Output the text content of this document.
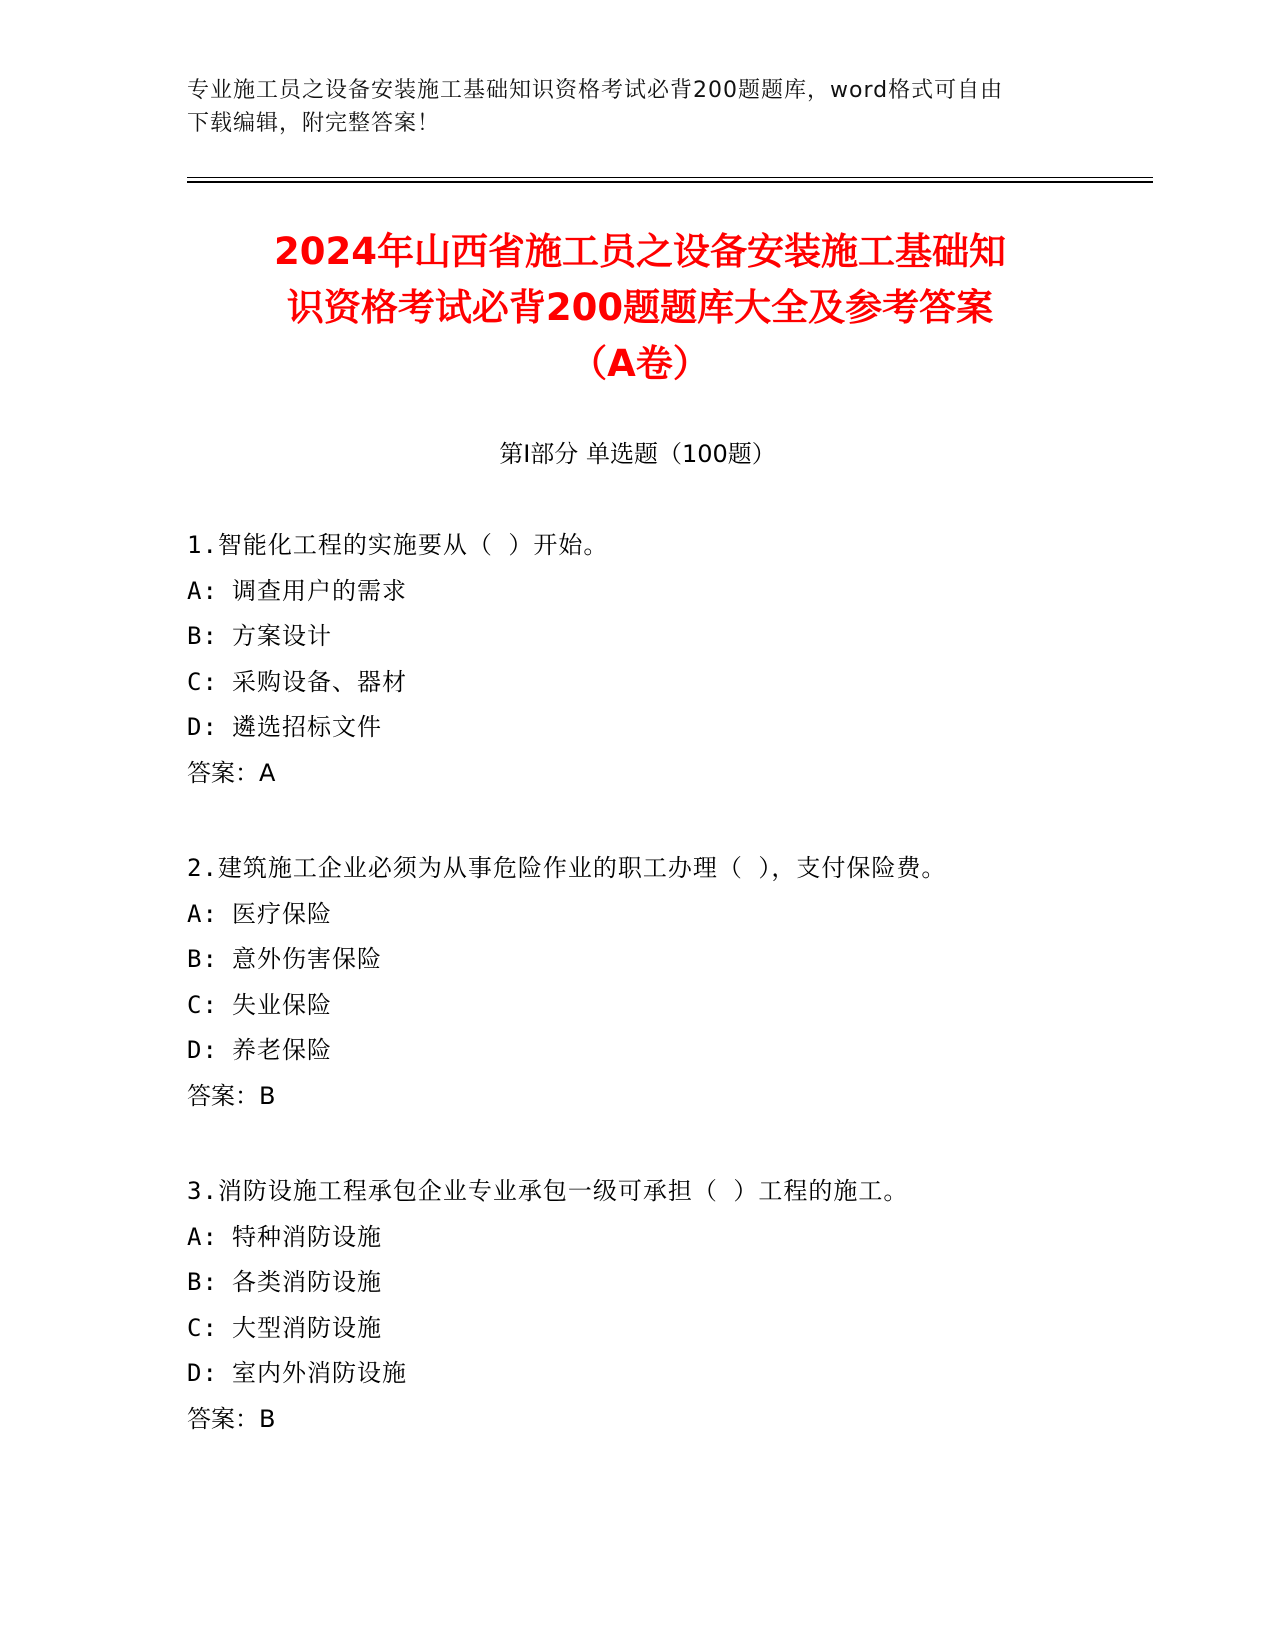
专业施工员之设备安装施工基础知识资格考试必背200题题库，word格式可自由
下载编辑，附完整答案！
2024年山西省施工员之设备安装施工基础知
识资格考试必背200题题库大全及参考答案
（A卷）
第Ⅰ部分 单选题（100题）
1.智能化工程的实施要从（ ）开始。
A: 调查用户的需求
B: 方案设计
C: 采购设备、器材
D: 遴选招标文件
答案：A
2.建筑施工企业必须为从事危险作业的职工办理（ ），支付保险费。
A: 医疗保险
B: 意外伤害保险
C: 失业保险
D: 养老保险
答案：B
3.消防设施工程承包企业专业承包一级可承担（ ）工程的施工。
A: 特种消防设施
B: 各类消防设施
C: 大型消防设施
D: 室内外消防设施
答案：B
